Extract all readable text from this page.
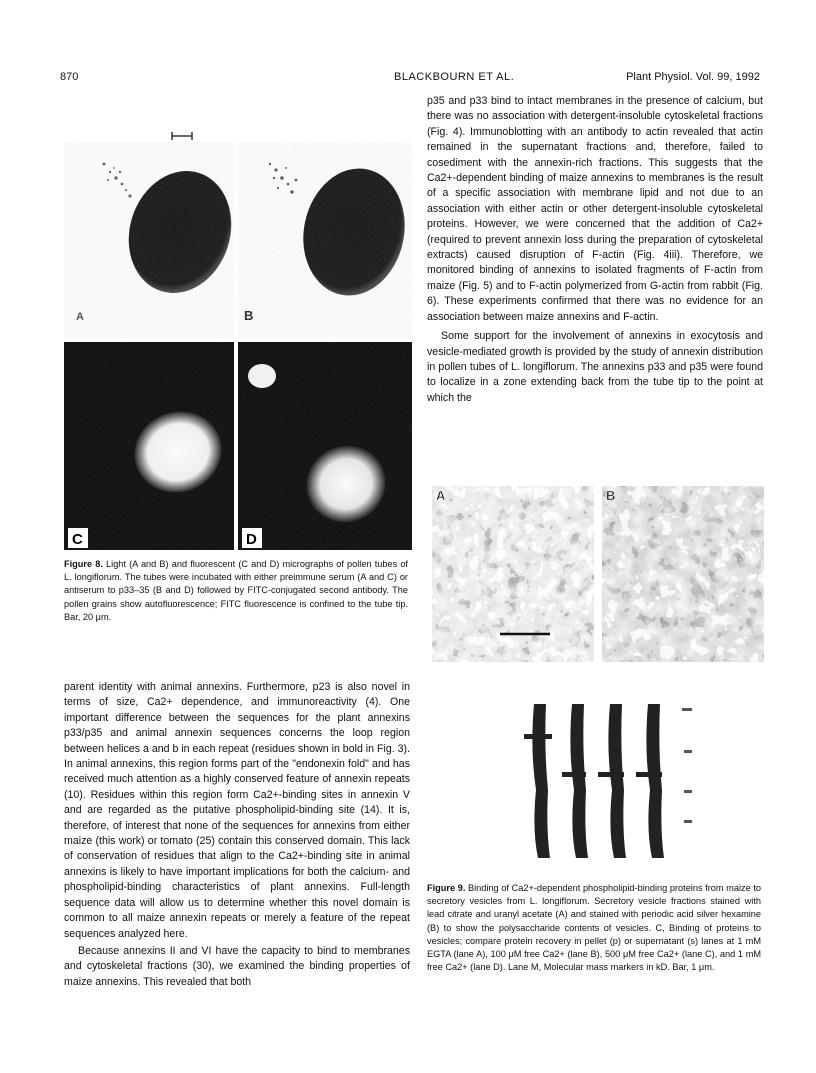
870	BLACKBOURN ET AL.	Plant Physiol. Vol. 99, 1992
A	B
C	D
Figure 8. Light (A and B) and fluorescent (C and D) micrographs of pollen tubes of L. longiflorum. The tubes were incubated with either preimmune serum (A and C) or antiserum to p33–35 (B and D) followed by FITC-conjugated second antibody. The pollen grains show autofluorescence; FITC fluorescence is confined to the tube tip. Bar, 20 μm.

p35 and p33 bind to intact membranes in the presence of calcium, but there was no association with detergent-insoluble cytoskeletal fractions (Fig. 4). Immunoblotting with an antibody to actin revealed that actin remained in the supernatant fractions and, therefore, failed to cosediment with the annexin-rich fractions. This suggests that the Ca2+-dependent binding of maize annexins to membranes is the result of a specific association with membrane lipid and not due to an association with either actin or other detergent-insoluble cytoskeletal proteins. However, we were concerned that the addition of Ca2+ (required to prevent annexin loss during the preparation of cytoskeletal extracts) caused disruption of F-actin (Fig. 4iii). Therefore, we monitored binding of annexins to isolated fragments of F-actin from maize (Fig. 5) and to F-actin polymerized from G-actin from rabbit (Fig. 6). These experiments confirmed that there was no evidence for an association between maize annexins and F-actin.

Some support for the involvement of annexins in exocytosis and vesicle-mediated growth is provided by the study of annexin distribution in pollen tubes of L. longiflorum. The annexins p33 and p35 were found to localize in a zone extending back from the tube tip to the point at which the

parent identity with animal annexins. Furthermore, p23 is also novel in terms of size, Ca2+ dependence, and immunoreactivity (4). One important difference between the sequences for the plant annexins p33/p35 and animal annexin sequences concerns the loop region between helices a and b in each repeat (residues shown in bold in Fig. 3). In animal annexins, this region forms part of the "endonexin fold" and has received much attention as a highly conserved feature of annexin repeats (10). Residues within this region form Ca2+-binding sites in annexin V and are regarded as the putative phospholipid-binding site (14). It is, therefore, of interest that none of the sequences for annexins from either maize (this work) or tomato (25) contain this conserved domain. This lack of conservation of residues that align to the Ca2+-binding site in animal annexins is likely to have important implications for both the calcium- and phospholipid-binding characteristics of plant annexins. Full-length sequence data will allow us to determine whether this novel domain is common to all maize annexin repeats or merely a feature of the repeat sequences analyzed here.

Because annexins II and VI have the capacity to bind to membranes and cytoskeletal fractions (30), we examined the binding properties of maize annexins. This revealed that both

A	B
Figure 9. Binding of Ca2+-dependent phospholipid-binding proteins from maize to secretory vesicles from L. longiflorum. Secretory vesicle fractions stained with lead citrate and uranyl acetate (A) and stained with periodic acid silver hexamine (B) to show the polysaccharide contents of vesicles. C, Binding of proteins to vesicles; compare protein recovery in pellet (p) or supernatant (s) lanes at 1 mM EGTA (lane A), 100 μM free Ca2+ (lane B), 500 μM free Ca2+ (lane C), and 1 mM free Ca2+ (lane D). Lane M, Molecular mass markers in kD. Bar, 1 μm.
